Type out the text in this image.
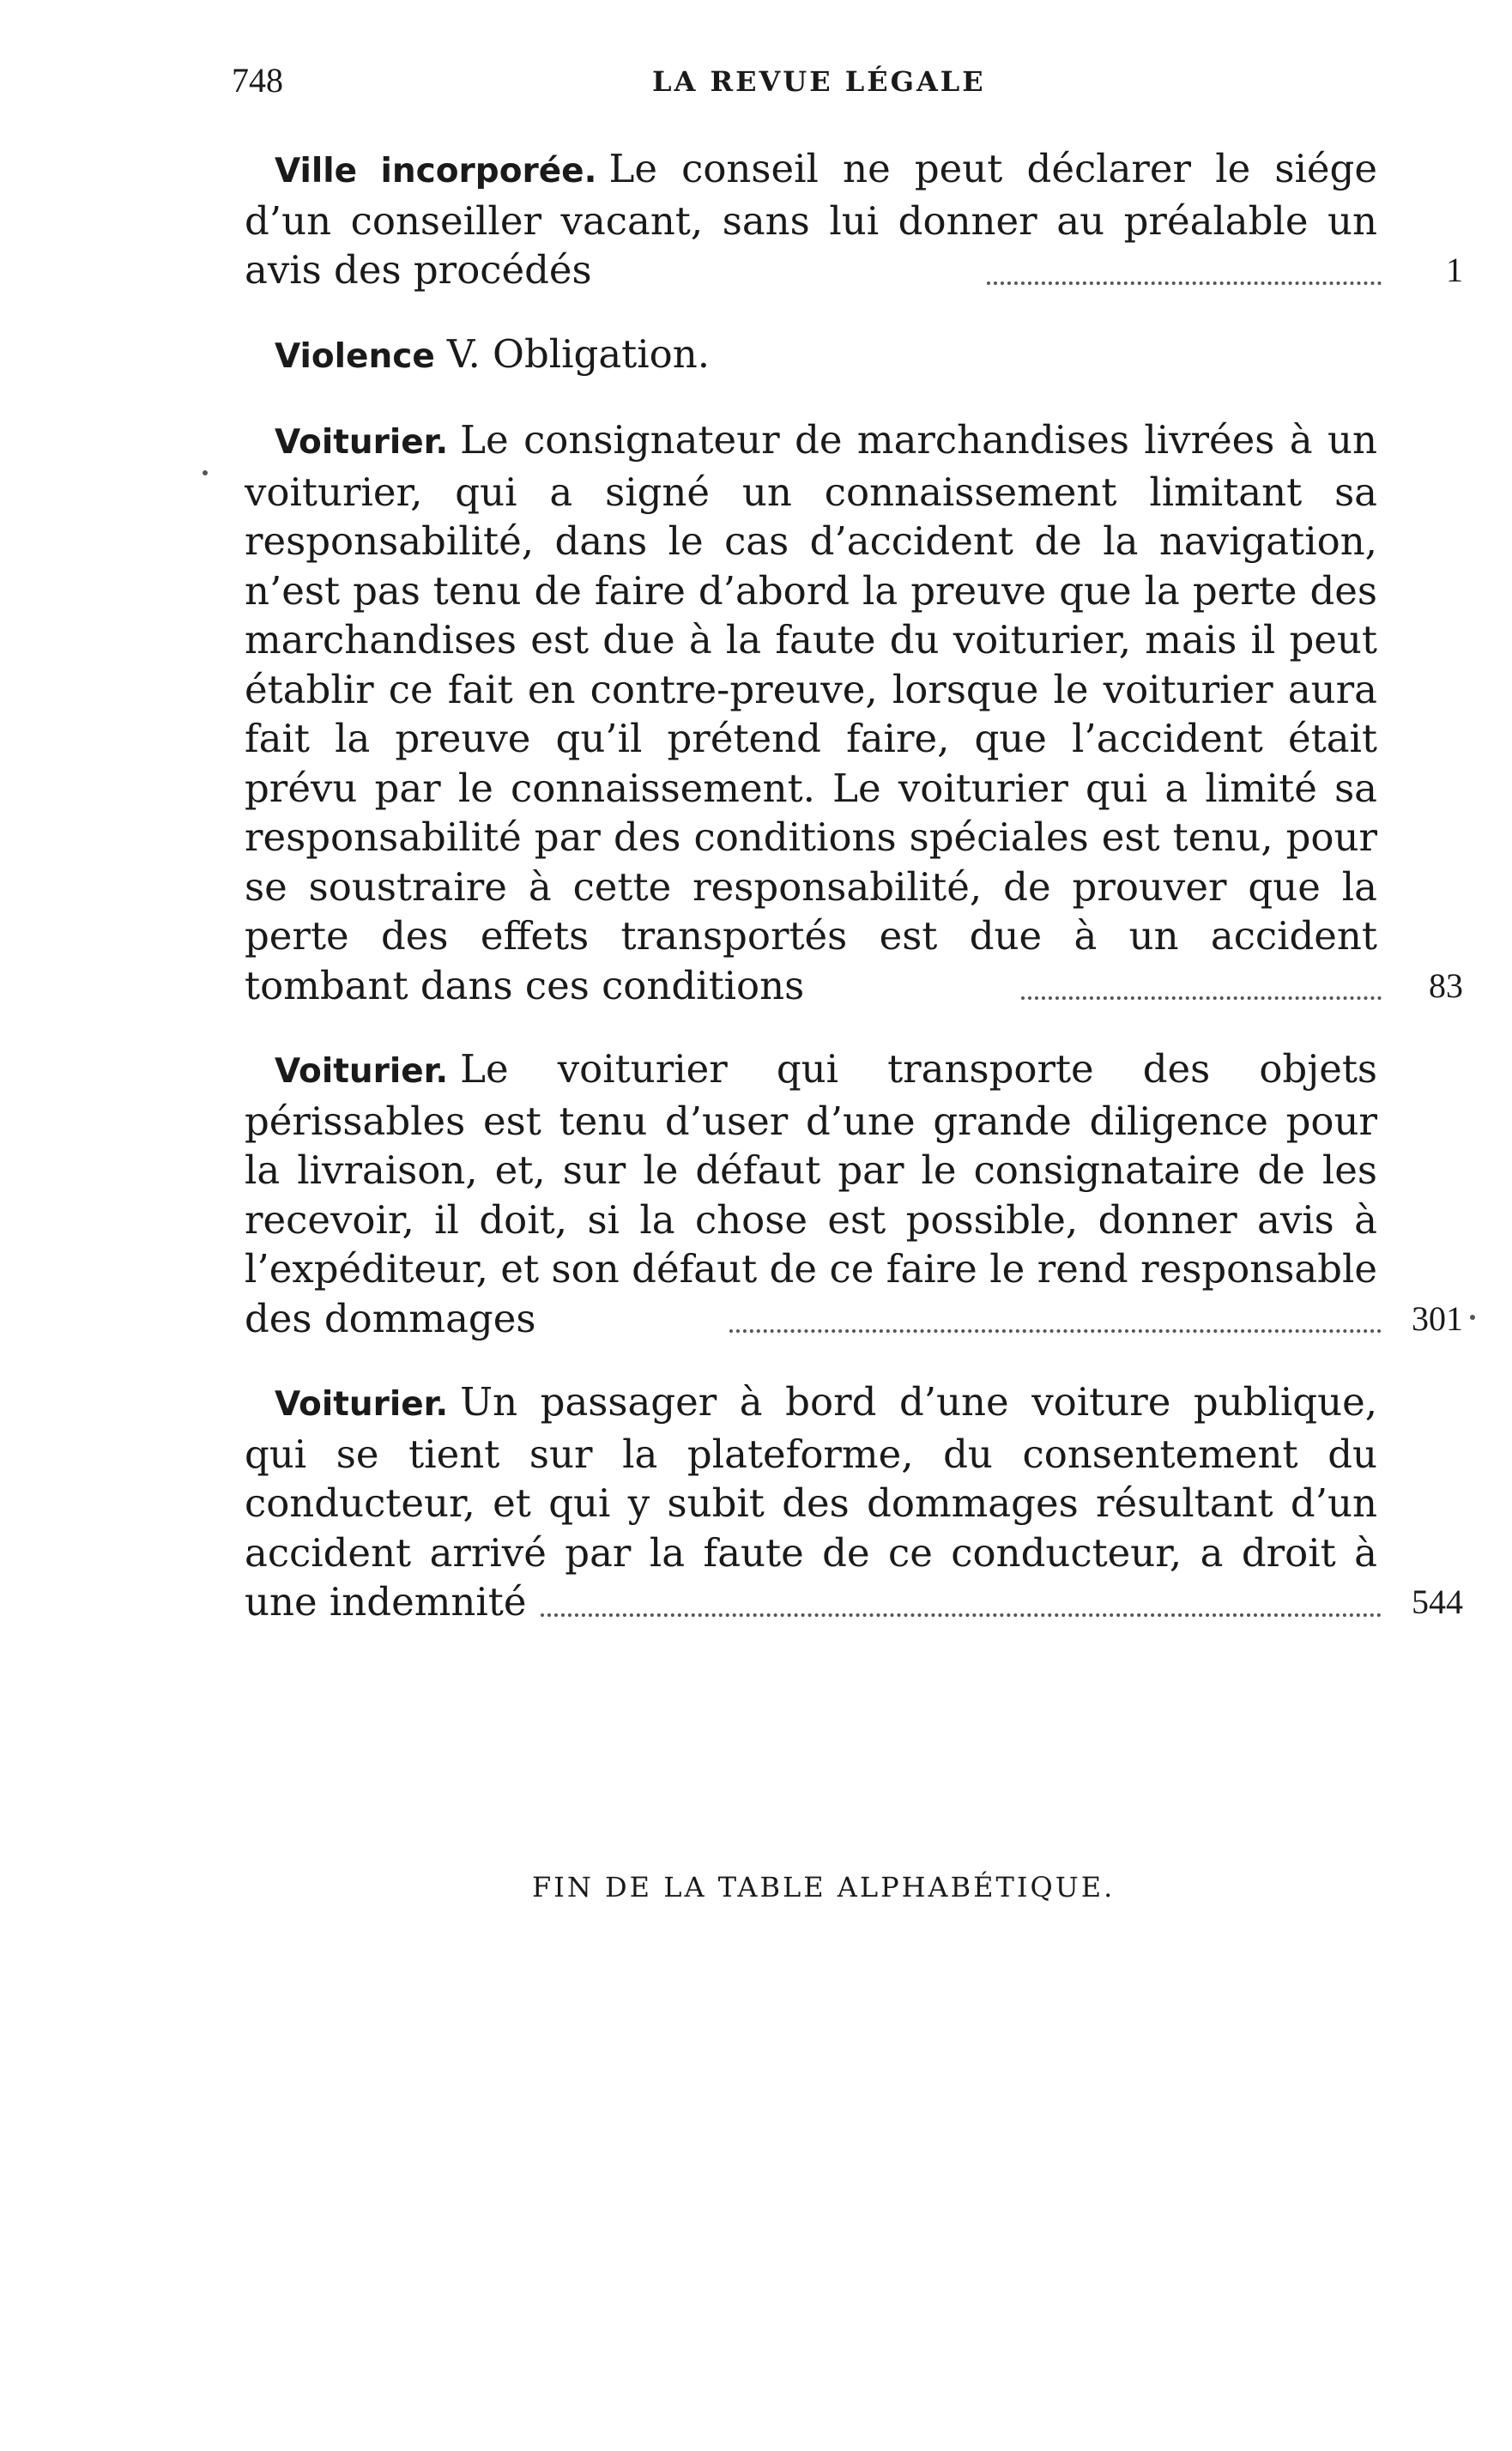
748	LA REVUE LÉGALE
Ville incorporée. Le conseil ne peut déclarer le siége d’un conseiller vacant, sans lui donner au préalable un avis des procédés	1
Violence V. Obligation.
Voiturier. Le consignateur de marchandises livrées à un voiturier, qui a signé un connaissement limitant sa responsabilité, dans le cas d’accident de la navigation, n’est pas tenu de faire d’abord la preuve que la perte des marchandises est due à la faute du voiturier, mais il peut établir ce fait en contre-preuve, lorsque le voiturier aura fait la preuve qu’il prétend faire, que l’accident était prévu par le connaissement. Le voiturier qui a limité sa responsabilité par des conditions spéciales est tenu, pour se soustraire à cette responsabilité, de prouver que la perte des effets transportés est due à un accident tombant dans ces conditions	83
Voiturier. Le voiturier qui transporte des objets périssables est tenu d’user d’une grande diligence pour la livraison, et, sur le défaut par le consignataire de les recevoir, il doit, si la chose est possible, donner avis à l’expéditeur, et son défaut de ce faire le rend responsable des dommages	301
Voiturier. Un passager à bord d’une voiture publique, qui se tient sur la plateforme, du consentement du conducteur, et qui y subit des dommages résultant d’un accident arrivé par la faute de ce conducteur, a droit à une indemnité	544
FIN DE LA TABLE ALPHABÉTIQUE.
